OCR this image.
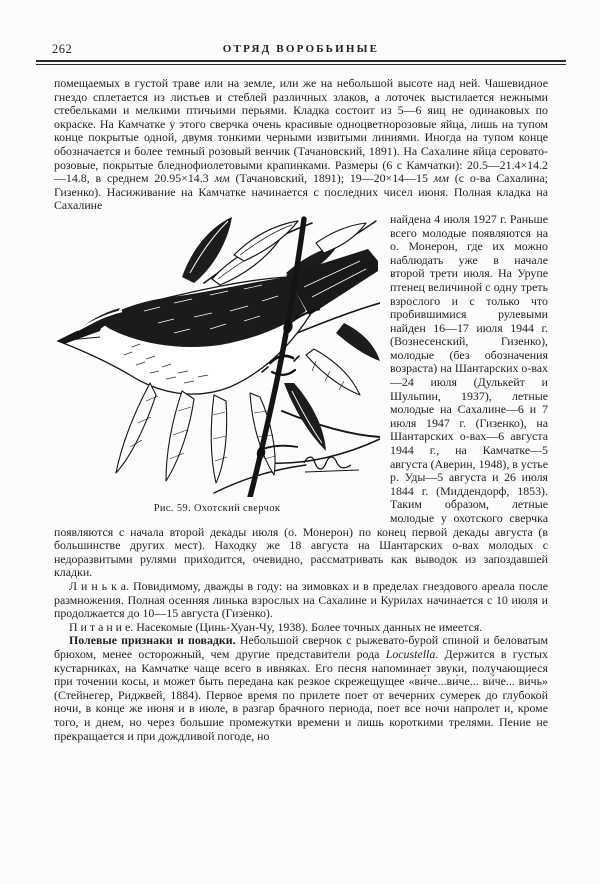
262	ОТРЯД ВОРОБЬИНЫЕ

помещаемых в густой траве или на земле, или же на небольшой высоте над ней. Чашевидное гнездо сплетается из листьев и стеблей различных злаков, а лоточек выстилается нежными стебельками и мелкими птичьими перьями. Кладка состоит из 5—6 яиц не одинаковых по окраске. На Камчатке у этого сверчка очень красивые одноцветнорозовые яйца, лишь на тупом конце покрытые одной, двумя тонкими черными извитыми линиями. Иногда на тупом конце обозначается и более темный розовый венчик (Тачановский, 1891). На Сахалине яйца серовато-розовые, покрытые бледнофиолетовыми крапинками. Размеры (6 с Камчатки): 20.5—21.4×14.2—14.8, в среднем 20.95×14.3 мм (Тачановский, 1891); 19—20×14—15 мм (с о-ва Сахалина; Гизенко). Насиживание на Камчатке начинается с последних чисел июня. Полная кладка на Сахалине

Рис. 59. Охотский сверчок

найдена 4 июля 1927 г. Раньше всего молодые появляются на о. Монерон, где их можно наблюдать уже в начале второй трети июля. На Урупе птенец величиной с одну треть взрослого и с только что пробившимися рулевыми найден 16—17 июля 1944 г. (Вознесенский, Гизенко), молодые (без обозначения возраста) на Шантарских о-вах—24 июля (Дулькейт и Шульпин, 1937), летные молодые на Сахалине—6 и 7 июля 1947 г. (Гизенко), на Шантарских о-вах—6 августа 1944 г., на Камчатке—5 августа (Аверин, 1948), в устье р. Уды—5 августа и 26 июля 1844 г. (Миддендорф, 1853). Таким образом, летные молодые у охотского сверчка появляются с начала второй декады июля (о. Монерон) по конец первой декады августа (в большинстве других мест). Находку же 18 августа на Шантарских о-вах молодых с недоразвитыми рулями приходится, очевидно, рассматривать как выводок из запоздавшей кладки.

Л и н ь к а. Повидимому, дважды в году: на зимовках и в пределах гнездового ареала после размножения. Полная осенняя линька взрослых на Сахалине и Курилах начинается с 10 июля и продолжается до 10—15 августа (Гизенко).

П и т а н и е. Насекомые (Цинь-Хуан-Чу, 1938). Более точных данных не имеется.

Полевые признаки и повадки. Небольшой сверчок с рыжевато-бурой спиной и беловатым брюхом, менее осторожный, чем другие представители рода Locustella. Держится в густых кустарниках, на Камчатке чаще всего в ивняках. Его песня напоминает звуки, получающиеся при точении косы, и может быть передана как резкое скрежещущее «ви́че...ви́че... ви́че... ви́чь» (Стейнегер, Риджвей, 1884). Первое время по прилете поет от вечерних сумерек до глубокой ночи, в конце же июня и в июле, в разгар брачного периода, поет все ночи напролет и, кроме того, и днем, но через большие промежутки времени и лишь короткими трелями. Пение не прекращается и при дождливой погоде, но
